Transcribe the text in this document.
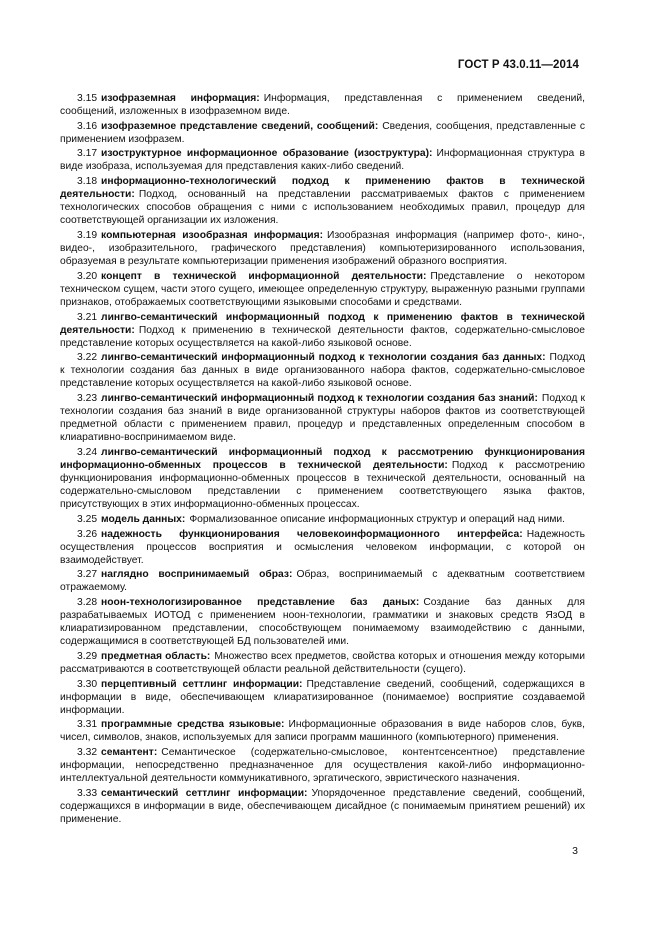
ГОСТ Р 43.0.11—2014

3.15 изофраземная информация: Информация, представленная с применением сведений, сообщений, изложенных в изофраземном виде.

3.16 изофраземное представление сведений, сообщений: Сведения, сообщения, представленные с применением изофразем.

3.17 изоструктурное информационное образование (изоструктура): Информационная структура в виде изобраза, используемая для представления каких-либо сведений.

3.18 информационно-технологический подход к применению фактов в технической деятельности: Подход, основанный на представлении рассматриваемых фактов с применением технологических способов обращения с ними с использованием необходимых правил, процедур для соответствующей организации их изложения.

3.19 компьютерная изообразная информация: Изообразная информация (например фото-, кино-, видео-, изобразительного, графического представления) компьютеризированного использования, образуемая в результате компьютеризации применения изображений образного восприятия.

3.20 концепт в технической информационной деятельности: Представление о некотором техническом сущем, части этого сущего, имеющее определенную структуру, выраженную разными группами признаков, отображаемых соответствующими языковыми способами и средствами.

3.21 лингво-семантический информационный подход к применению фактов в технической деятельности: Подход к применению в технической деятельности фактов, содержательно-смысловое представление которых осуществляется на какой-либо языковой основе.

3.22 лингво-семантический информационный подход к технологии создания баз данных: Подход к технологии создания баз данных в виде организованного набора фактов, содержательно-смысловое представление которых осуществляется на какой-либо языковой основе.

3.23 лингво-семантический информационный подход к технологии создания баз знаний: Подход к технологии создания баз знаний в виде организованной структуры наборов фактов из соответствующей предметной области с применением правил, процедур и представленных определенным способом в клиаративно-воспринимаемом виде.

3.24 лингво-семантический информационный подход к рассмотрению функционирования информационно-обменных процессов в технической деятельности: Подход к рассмотрению функционирования информационно-обменных процессов в технической деятельности, основанный на содержательно-смысловом представлении с применением соответствующего языка фактов, присутствующих в этих информационно-обменных процессах.

3.25 модель данных: Формализованное описание информационных структур и операций над ними.

3.26 надежность функционирования человекоинформационного интерфейса: Надежность осуществления процессов восприятия и осмысления человеком информации, с которой он взаимодействует.

3.27 наглядно воспринимаемый образ: Образ, воспринимаемый с адекватным соответствием отражаемому.

3.28 ноон-технологизированное представление баз даных: Создание баз данных для разрабатываемых ИОТОД с применением ноон-технологии, грамматики и знаковых средств ЯзОД в клиаратизированном представлении, способствующем понимаемому взаимодействию с данными, содержащимися в соответствующей БД пользователей ими.

3.29 предметная область: Множество всех предметов, свойства которых и отношения между которыми рассматриваются в соответствующей области реальной действительности (сущего).

3.30 перцептивный сеттлинг информации: Представление сведений, сообщений, содержащихся в информации в виде, обеспечивающем клиаратизированное (понимаемое) восприятие создаваемой информации.

3.31 программные средства языковые: Информационные образования в виде наборов слов, букв, чисел, символов, знаков, используемых для записи программ машинного (компьютерного) применения.

3.32 семантент: Семантическое (содержательно-смысловое, контентсенсентное) представление информации, непосредственно предназначенное для осуществления какой-либо информационно-интеллектуальной деятельности коммуникативного, эргатического, эвристического назначения.

3.33 семантический сеттлинг информации: Упорядоченное представление сведений, сообщений, содержащихся в информации в виде, обеспечивающем дисайдное (с понимаемым принятием решений) их применение.

3
